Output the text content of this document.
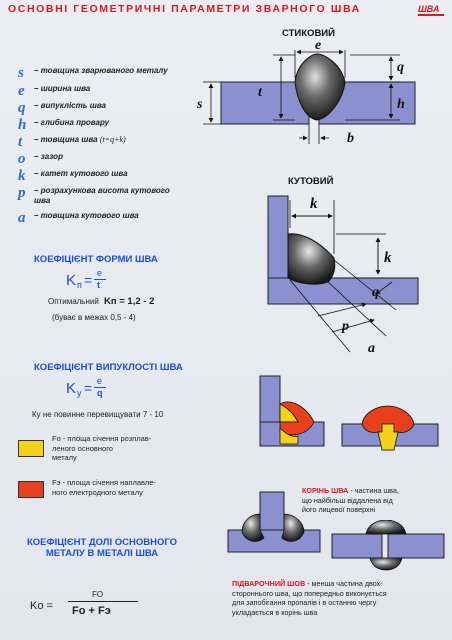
ОСНОВНІ ГЕОМЕТРИЧНІ ПАРАМЕТРИ ЗВАРНОГО ШВА	ШВА
s	– товщина зварюваного металу
e	– ширина шва
q	– випуклість шва
h – глибина провару
t	– товщина шва (t=q+k)
o	– зазор
k	– катет кутового шва
p	– розрахункова висота кутового шва
a	– товщина кутового шва
СТИКОВИЙ
e
q
h
s
t
b
КУТОВИЙ
k
k
q
p
a
КОЕФІЦІЄНТ ФОРМИ ШВА
K п = e
t
Оптимальний Kп = 1,2 - 2
(буває в межах 0,5 - 4)
КОЕФІЦІЄНТ ВИПУКЛОСТІ ШВА
K у = e
q
Ку не повинне перевищувати 7 - 10
Fo - площа січення розплав-
леного основного
металу
Fэ - площа січення наплавле-
ного електродного металу
КОЕФІЦІЄНТ ДОЛІ ОСНОВНОГО
МЕТАЛУ В МЕТАЛІ ШВА
Ko =
FO
Fo + Fэ
КОРІНЬ ШВА - частина шва,
що найбільш віддалена від
його лицевої поверхні
ПІДВАРОЧНИЙ ШОВ - менша частина двох-
стороннього шва, що попередньо виконується
для запобігання пропалів і в останню чергу
укладається в корінь шва
